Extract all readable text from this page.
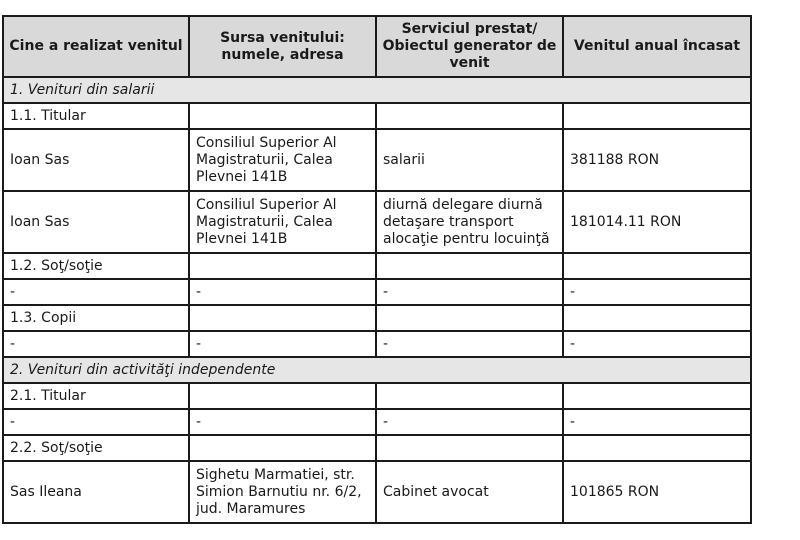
Cine a realizat venitul	Sursa venitului: numele, adresa	Serviciul prestat/ Obiectul generator de venit	Venitul anual încasat
1. Venituri din salarii			
1.1. Titular			
Ioan Sas	Consiliul Superior Al Magistraturii, Calea Plevnei 141B	salarii	381188 RON
Ioan Sas	Consiliul Superior Al Magistraturii, Calea Plevnei 141B	diurnă delegare diurnă detaşare transport alocaţie pentru locuinţă	181014.11 RON
1.2. Soţ/soţie			
-	-	-	-
1.3. Copii			
-	-	-	-
2. Venituri din activităţi independente			
2.1. Titular			
-	-	-	-
2.2. Soţ/soţie			
Sas Ileana	Sighetu Marmatiei, str. Simion Barnutiu nr. 6/2, jud. Maramures	Cabinet avocat	101865 RON
